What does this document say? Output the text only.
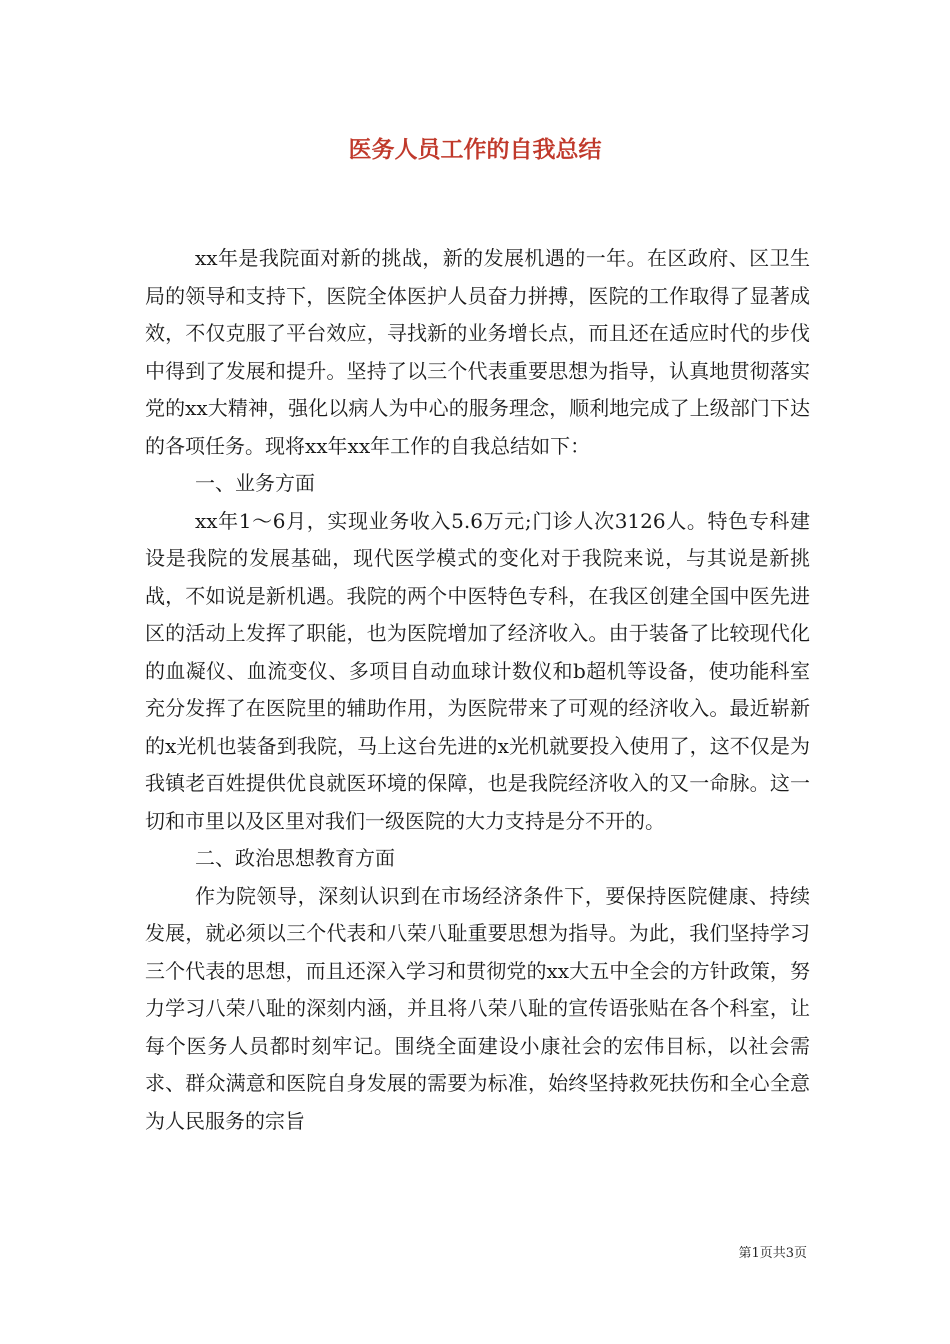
医务人员工作的自我总结

xx年是我院面对新的挑战，新的发展机遇的一年。在区政府、区卫生局的领导和支持下，医院全体医护人员奋力拼搏，医院的工作取得了显著成效，不仅克服了平台效应，寻找新的业务增长点，而且还在适应时代的步伐中得到了发展和提升。坚持了以三个代表重要思想为指导，认真地贯彻落实党的xx大精神，强化以病人为中心的服务理念，顺利地完成了上级部门下达的各项任务。现将xx年xx年工作的自我总结如下：

一、业务方面

xx年1～6月，实现业务收入5.6万元;门诊人次3126人。特色专科建设是我院的发展基础，现代医学模式的变化对于我院来说，与其说是新挑战，不如说是新机遇。我院的两个中医特色专科，在我区创建全国中医先进区的活动上发挥了职能，也为医院增加了经济收入。由于装备了比较现代化的血凝仪、血流变仪、多项目自动血球计数仪和b超机等设备，使功能科室充分发挥了在医院里的辅助作用，为医院带来了可观的经济收入。最近崭新的x光机也装备到我院，马上这台先进的x光机就要投入使用了，这不仅是为我镇老百姓提供优良就医环境的保障，也是我院经济收入的又一命脉。这一切和市里以及区里对我们一级医院的大力支持是分不开的。

二、政治思想教育方面

作为院领导，深刻认识到在市场经济条件下，要保持医院健康、持续发展，就必须以三个代表和八荣八耻重要思想为指导。为此，我们坚持学习三个代表的思想，而且还深入学习和贯彻党的xx大五中全会的方针政策，努力学习八荣八耻的深刻内涵，并且将八荣八耻的宣传语张贴在各个科室，让每个医务人员都时刻牢记。围绕全面建设小康社会的宏伟目标，以社会需求、群众满意和医院自身发展的需要为标准，始终坚持救死扶伤和全心全意为人民服务的宗旨

第1页共3页
